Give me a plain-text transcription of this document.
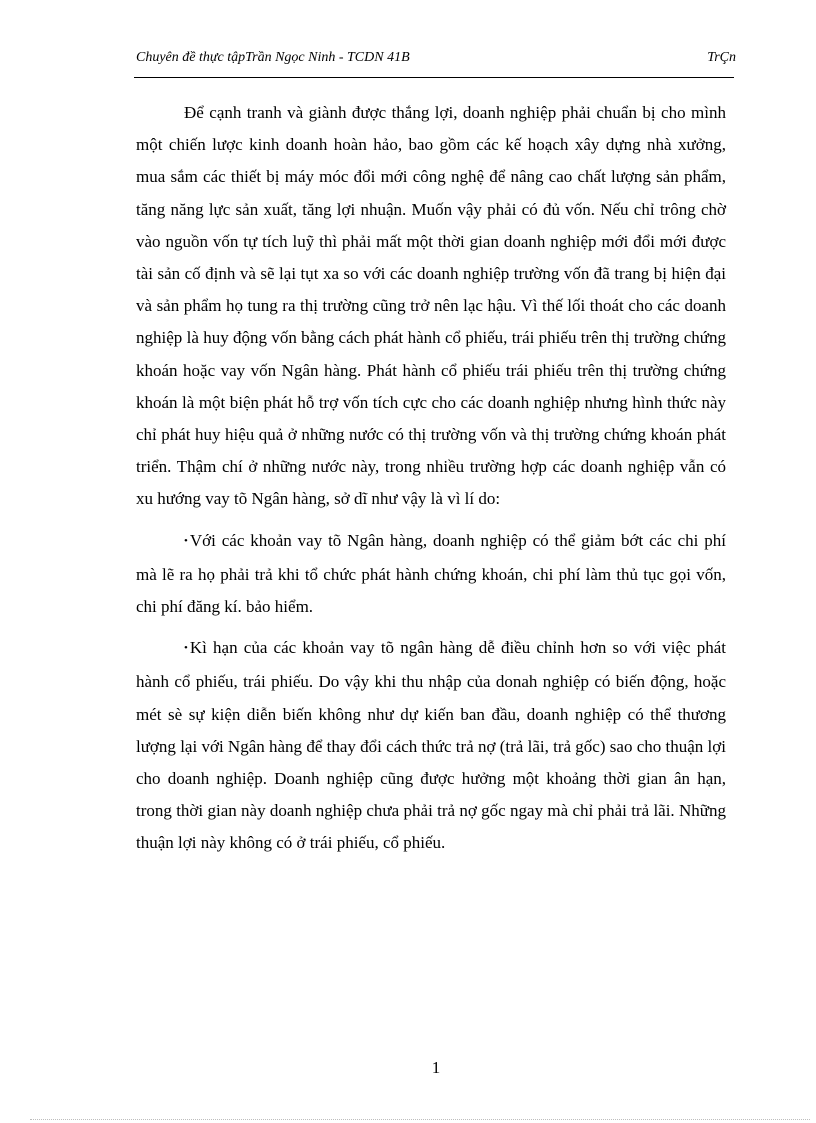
Chuyên đề thực tậpTrần Ngọc Ninh - TCDN 41B	TrÇn

Để cạnh tranh và giành được thắng lợi, doanh nghiệp phải chuẩn bị cho mình một chiến lược kinh doanh hoàn hảo, bao gồm các kế hoạch xây dựng nhà xưởng, mua sắm các thiết bị máy móc đổi mới công nghệ để nâng cao chất lượng sản phẩm, tăng năng lực sản xuất, tăng lợi nhuận. Muốn vậy phải có đủ vốn. Nếu chỉ trông chờ vào nguồn vốn tự tích luỹ thì phải mất một thời gian doanh nghiệp mới đổi mới được tài sản cố định và sẽ lại tụt xa so với các doanh nghiệp trường vốn đã trang bị hiện đại và sản phẩm họ tung ra thị trường cũng trở nên lạc hậu. Vì thế lối thoát cho các doanh nghiệp là huy động vốn bằng cách phát hành cổ phiếu, trái phiếu trên thị trường chứng khoán hoặc vay vốn Ngân hàng. Phát hành cổ phiếu trái phiếu trên thị trường chứng khoán là một biện phát hỗ trợ vốn tích cực cho các doanh nghiệp nhưng hình thức này chỉ phát huy hiệu quả ở những nước có thị trường vốn và thị trường chứng khoán phát triển. Thậm chí ở những nước này, trong nhiều trường hợp các doanh nghiệp vẫn có xu hướng vay tõ Ngân hàng, sở dĩ như vậy là vì lí do:

• Với các khoản vay tõ Ngân hàng, doanh nghiệp có thể giảm bớt các chi phí mà lẽ ra họ phải trả khi tổ chức phát hành chứng khoán, chi phí làm thủ tục gọi vốn, chi phí đăng kí. bảo hiểm.

• Kì hạn của các khoản vay tõ ngân hàng dễ điều chỉnh hơn so với việc phát hành cổ phiếu, trái phiếu. Do vậy khi thu nhập của donah nghiệp có biến động, hoặc mét sè sự kiện diễn biến không như dự kiến ban đầu, doanh nghiệp có thể thương lượng lại với Ngân hàng để thay đổi cách thức trả nợ (trả lãi, trả gốc) sao cho thuận lợi cho doanh nghiệp. Doanh nghiệp cũng được hưởng một khoảng thời gian ân hạn, trong thời gian này doanh nghiệp chưa phải trả nợ gốc ngay mà chỉ phải trả lãi. Những thuận lợi này không có ở trái phiếu, cổ phiếu.

1
